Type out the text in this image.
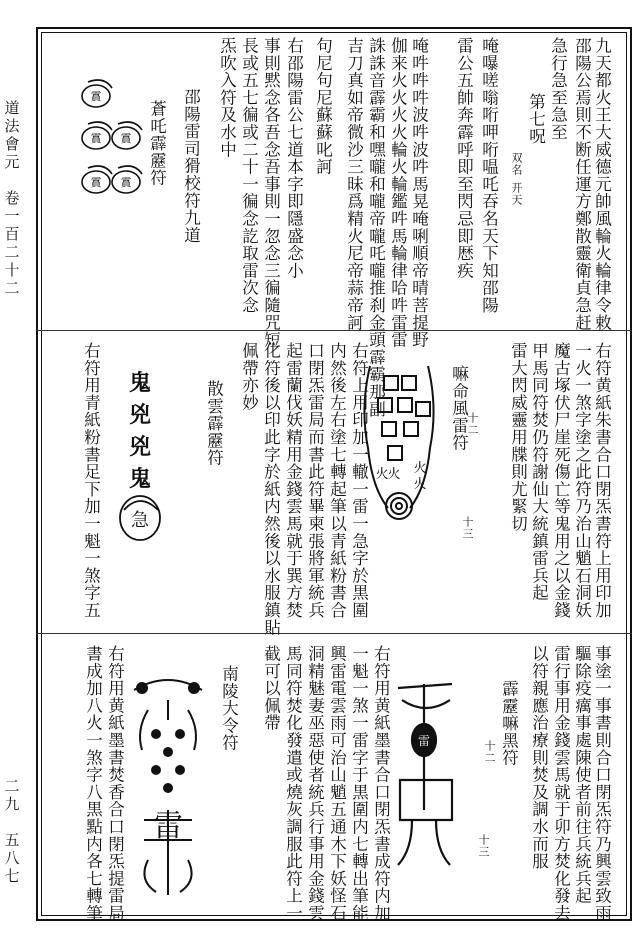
道法會元　卷一百二十二
二九　五八七
九天都火王大威德元帥風輪火輪律令敕
邵陽公焉則不断任運方鄭散靈衛貞急赶
急行急至急至
第七呪
双名
开天
唵嚗嗟嗡哘呷哘嗢吒吞名天下知邵陽
雷公五帥奔霹呼即至閃忌即厯疾
唵吽吽吽波吽波吽馬晃唵唎順帝晴菩提野
伽来火火火火輪火輪鑑吽馬輪律哈吽雷雷
誅誅音霹霸和嘿嚨和嚨帝嚨吒嚨推刹金頭霹霸那副
吉刀真如帝微沙三昧爲精火尼帝蒜帝訶
句尼句尼蘇蘇叱訶
右邵陽雷公七道本字即隱盛念小
事則黙念各吾念吾事則一忽念三徧隨咒短
長或五七徧或二十一徧念訖取雷次念
炁吹入符及水中
邵陽雷司猾校符九道
蒼吒霹靂符
霣
霣
霣
霣
霣
右符黄紙朱書合口閉炁書符上用印加
一火一煞字塗之此符乃治山魈石洞妖
魔古塚伏尸崖死傷亡等鬼用之以金錢
甲馬同符焚仍符謝仙大統鎮雷兵起
雷大閃威靈用牒則尤緊切
嘛命風雷符
十二
十三
火
火
火
火
右符上用印加一轍一雷一急字於黒圍
内然後左右塗七轉起筆以青紙粉書合
口閉炁雷局而書此符畢柬張將軍統兵
起雷蘭伐妖精用金錢雲馬就于巽方焚
化符後以印此字於紙内然後以水服鎮貼
佩帶亦妙
散雲霹靂符
鬼
兇
兇
鬼
急
右符用青紙粉書足下加一魁一煞字五
事塗一事書則合口閉炁符乃興雲致雨
驅除疫癘事處陳使者前往兵統兵起
雷行事用金錢雲馬就于卯方焚化發去
以符親應治療則焚及調水而服
霹靂嘛黑符
十二
十三
雷
右符用黄紙墨書合口閉炁書成符内加
一魁一煞一雷字于黒圍内七轉出筆能
興雷電雲雨可治山魈五通木下妖怪石
洞精魅妻巫惡使者統兵行事用金錢雲
馬同符焚化發遣或燒灰調服此符上一
截可以佩帶
南陵大令符
雷
右符用黄紙墨書焚香合口閉炁提雷局
書成加八火一煞字八黒點内各七轉筆
